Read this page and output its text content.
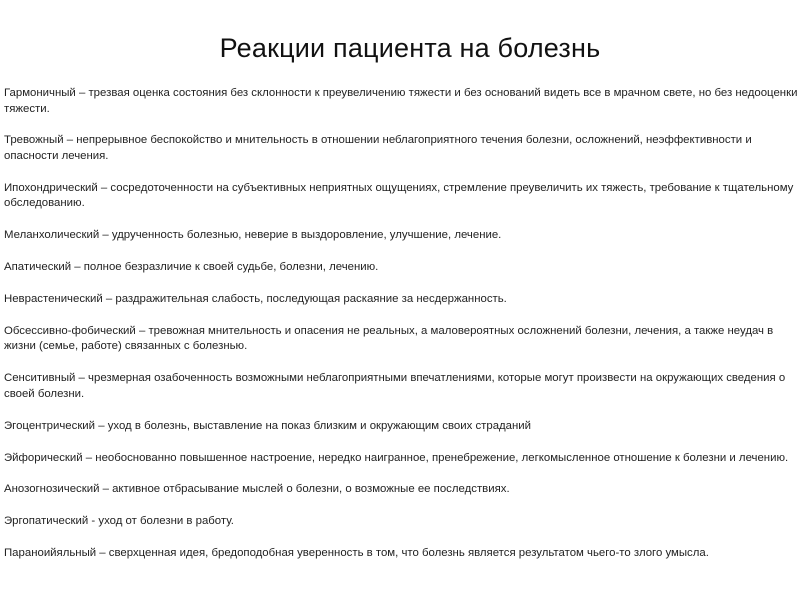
Реакции пациента на болезнь

Гармоничный – трезвая оценка состояния без склонности к преувеличению тяжести и без оснований видеть все в мрачном свете, но без недооценки тяжести.

Тревожный – непрерывное беспокойство и мнительность в отношении неблагоприятного течения болезни, осложнений, неэффективности и опасности лечения.

Ипохондрический – сосредоточенности на субъективных неприятных ощущениях, стремление преувеличить их тяжесть, требование к тщательному обследованию.

Меланхолический – удрученность болезнью, неверие в выздоровление, улучшение, лечение.

Апатический – полное безразличие к своей судьбе, болезни, лечению.

Неврастенический – раздражительная слабость, последующая раскаяние за несдержанность.

Обсессивно-фобический – тревожная мнительность и опасения не реальных, а маловероятных осложнений болезни, лечения, а также неудач в жизни (семье, работе) связанных с болезнью.

Сенситивный – чрезмерная озабоченность возможными неблагоприятными впечатлениями, которые могут произвести на окружающих сведения о своей болезни.

Эгоцентрический – уход в болезнь, выставление на показ близким и окружающим своих страданий

Эйфорический – необоснованно повышенное настроение, нередко наигранное, пренебрежение, легкомысленное отношение к болезни и лечению.

Анозогнозический – активное отбрасывание мыслей о болезни, о возможные ее последствиях.

Эргопатический - уход от болезни в работу.

Параноийяльный – сверхценная идея, бредоподобная уверенность в том, что болезнь является результатом чьего-то злого умысла.
